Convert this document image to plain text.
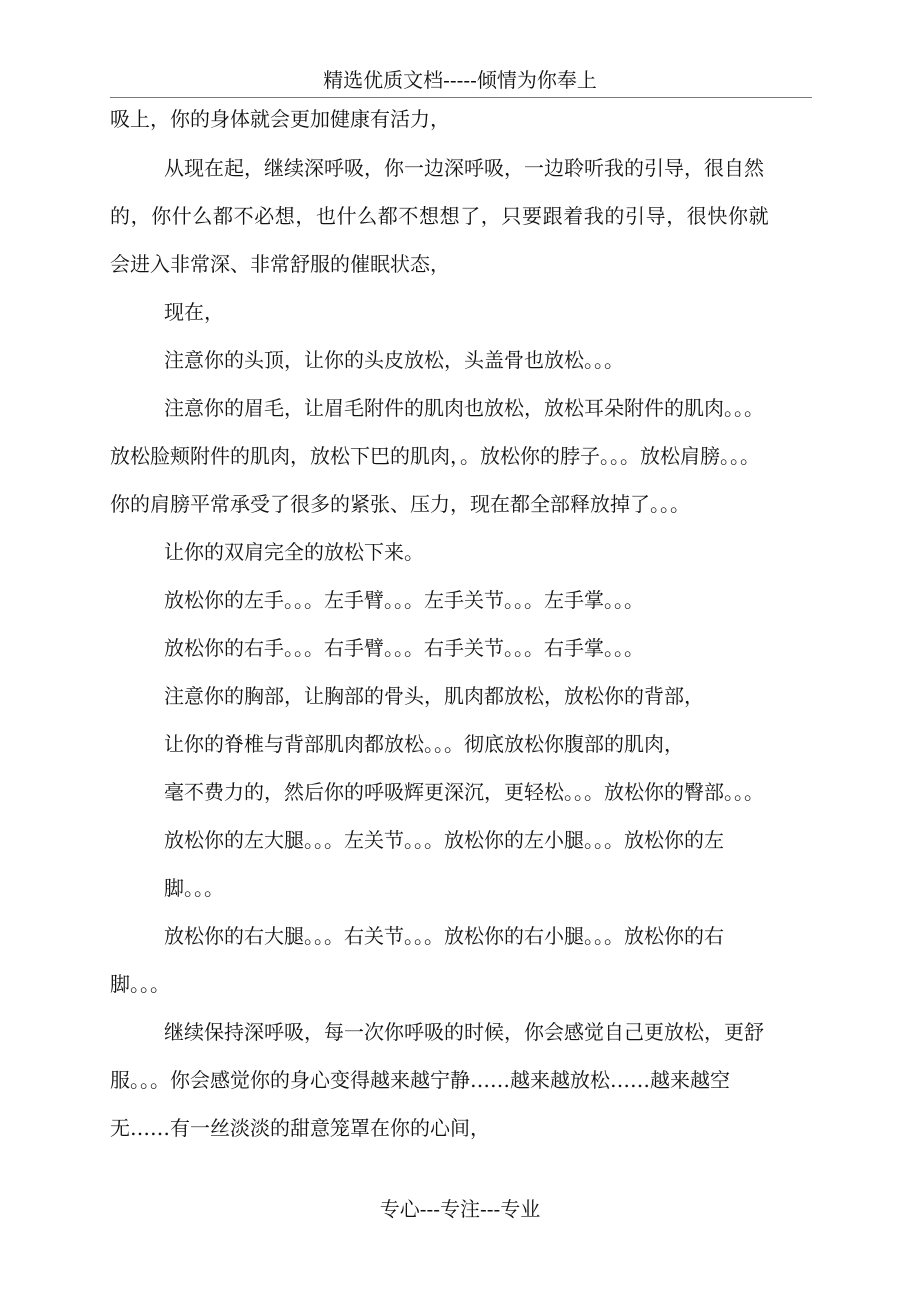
精选优质文档-----倾情为你奉上
吸上，你的身体就会更加健康有活力，
从现在起，继续深呼吸，你一边深呼吸，一边聆听我的引导，很自然
的，你什么都不必想，也什么都不想想了，只要跟着我的引导，很快你就
会进入非常深、非常舒服的催眠状态，
现在，
注意你的头顶，让你的头皮放松，头盖骨也放松。。。
注意你的眉毛，让眉毛附件的肌肉也放松，放松耳朵附件的肌肉。。。
放松脸颊附件的肌肉，放松下巴的肌肉，。放松你的脖子。。。放松肩膀。。。
你的肩膀平常承受了很多的紧张、压力，现在都全部释放掉了。。。
让你的双肩完全的放松下来。
放松你的左手。。。左手臂。。。左手关节。。。左手掌。。。
放松你的右手。。。右手臂。。。右手关节。。。右手掌。。。
注意你的胸部，让胸部的骨头，肌肉都放松，放松你的背部，
让你的脊椎与背部肌肉都放松。。。彻底放松你腹部的肌肉，
毫不费力的，然后你的呼吸辉更深沉，更轻松。。。放松你的臀部。。。
放松你的左大腿。。。左关节。。。放松你的左小腿。。。放松你的左
脚。。。
放松你的右大腿。。。右关节。。。放松你的右小腿。。。放松你的右
脚。。。
继续保持深呼吸，每一次你呼吸的时候，你会感觉自己更放松，更舒
服。。。你会感觉你的身心变得越来越宁静……越来越放松……越来越空
无……有一丝淡淡的甜意笼罩在你的心间，
专心---专注---专业
